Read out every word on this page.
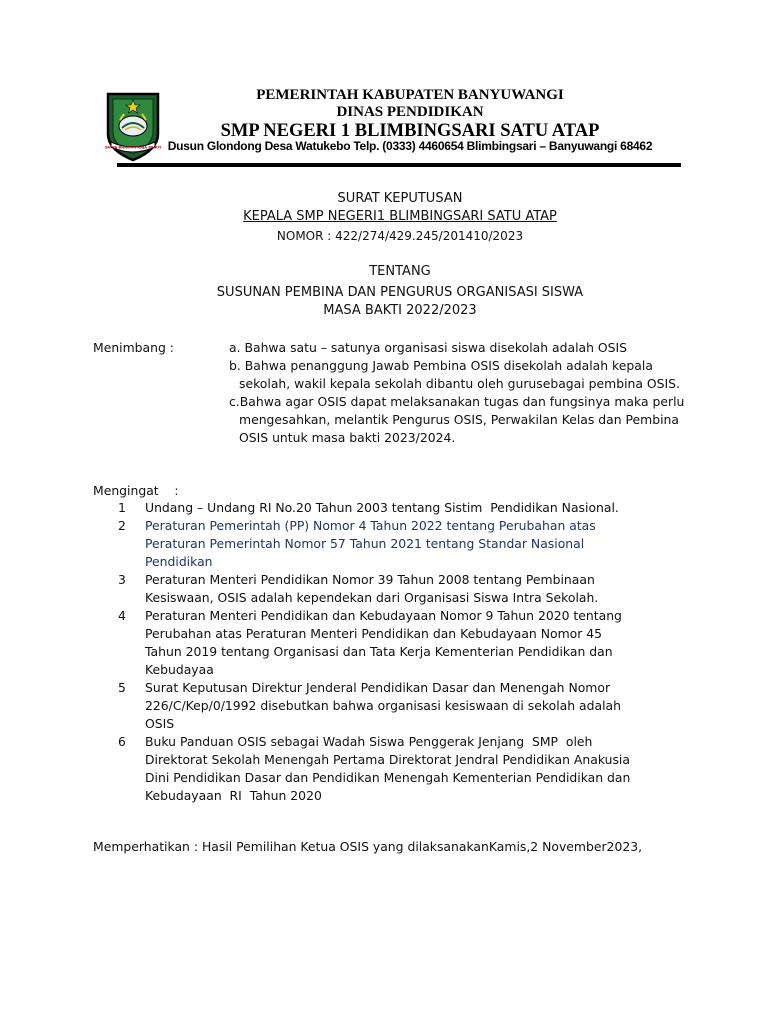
SATYA BHAKTI PRAJA MUKTI
PEMERINTAH KABUPATEN BANYUWANGI
DINAS PENDIDIKAN
SMP NEGERI 1 BLIMBINGSARI SATU ATAP
Dusun Glondong Desa Watukebo Telp. (0333) 4460654 Blimbingsari – Banyuwangi 68462
SURAT KEPUTUSAN
KEPALA SMP NEGERI1 BLIMBINGSARI SATU ATAP
NOMOR : 422/274/429.245/201410/2023
TENTANG
SUSUNAN PEMBINA DAN PENGURUS ORGANISASI SISWA
MASA BAKTI 2022/2023
Menimbang :	a. Bahwa satu – satunya organisasi siswa disekolah adalah OSIS
b. Bahwa penanggung Jawab Pembina OSIS disekolah adalah kepala
sekolah, wakil kepala sekolah dibantu oleh gurusebagai pembina OSIS.
c.Bahwa agar OSIS dapat melaksanakan tugas dan fungsinya maka perlu
mengesahkan, melantik Pengurus OSIS, Perwakilan Kelas dan Pembina
OSIS untuk masa bakti 2023/2024.
Mengingat    :
1 Undang – Undang RI No.20 Tahun 2003 tentang Sistim  Pendidikan Nasional.
2 Peraturan Pemerintah (PP) Nomor 4 Tahun 2022 tentang Perubahan atas
Peraturan Pemerintah Nomor 57 Tahun 2021 tentang Standar Nasional
Pendidikan
3 Peraturan Menteri Pendidikan Nomor 39 Tahun 2008 tentang Pembinaan
Kesiswaan, OSIS adalah kependekan dari Organisasi Siswa Intra Sekolah.
4 Peraturan Menteri Pendidikan dan Kebudayaan Nomor 9 Tahun 2020 tentang
Perubahan atas Peraturan Menteri Pendidikan dan Kebudayaan Nomor 45
Tahun 2019 tentang Organisasi dan Tata Kerja Kementerian Pendidikan dan
Kebudayaa
5 Surat Keputusan Direktur Jenderal Pendidikan Dasar dan Menengah Nomor
226/C/Kep/0/1992 disebutkan bahwa organisasi kesiswaan di sekolah adalah
OSIS
6 Buku Panduan OSIS sebagai Wadah Siswa Penggerak Jenjang  SMP  oleh
Direktorat Sekolah Menengah Pertama Direktorat Jendral Pendidikan Anakusia
Dini Pendidikan Dasar dan Pendidikan Menengah Kementerian Pendidikan dan
Kebudayaan  RI  Tahun 2020
Memperhatikan : Hasil Pemilihan Ketua OSIS yang dilaksanakanKamis,2 November2023,
